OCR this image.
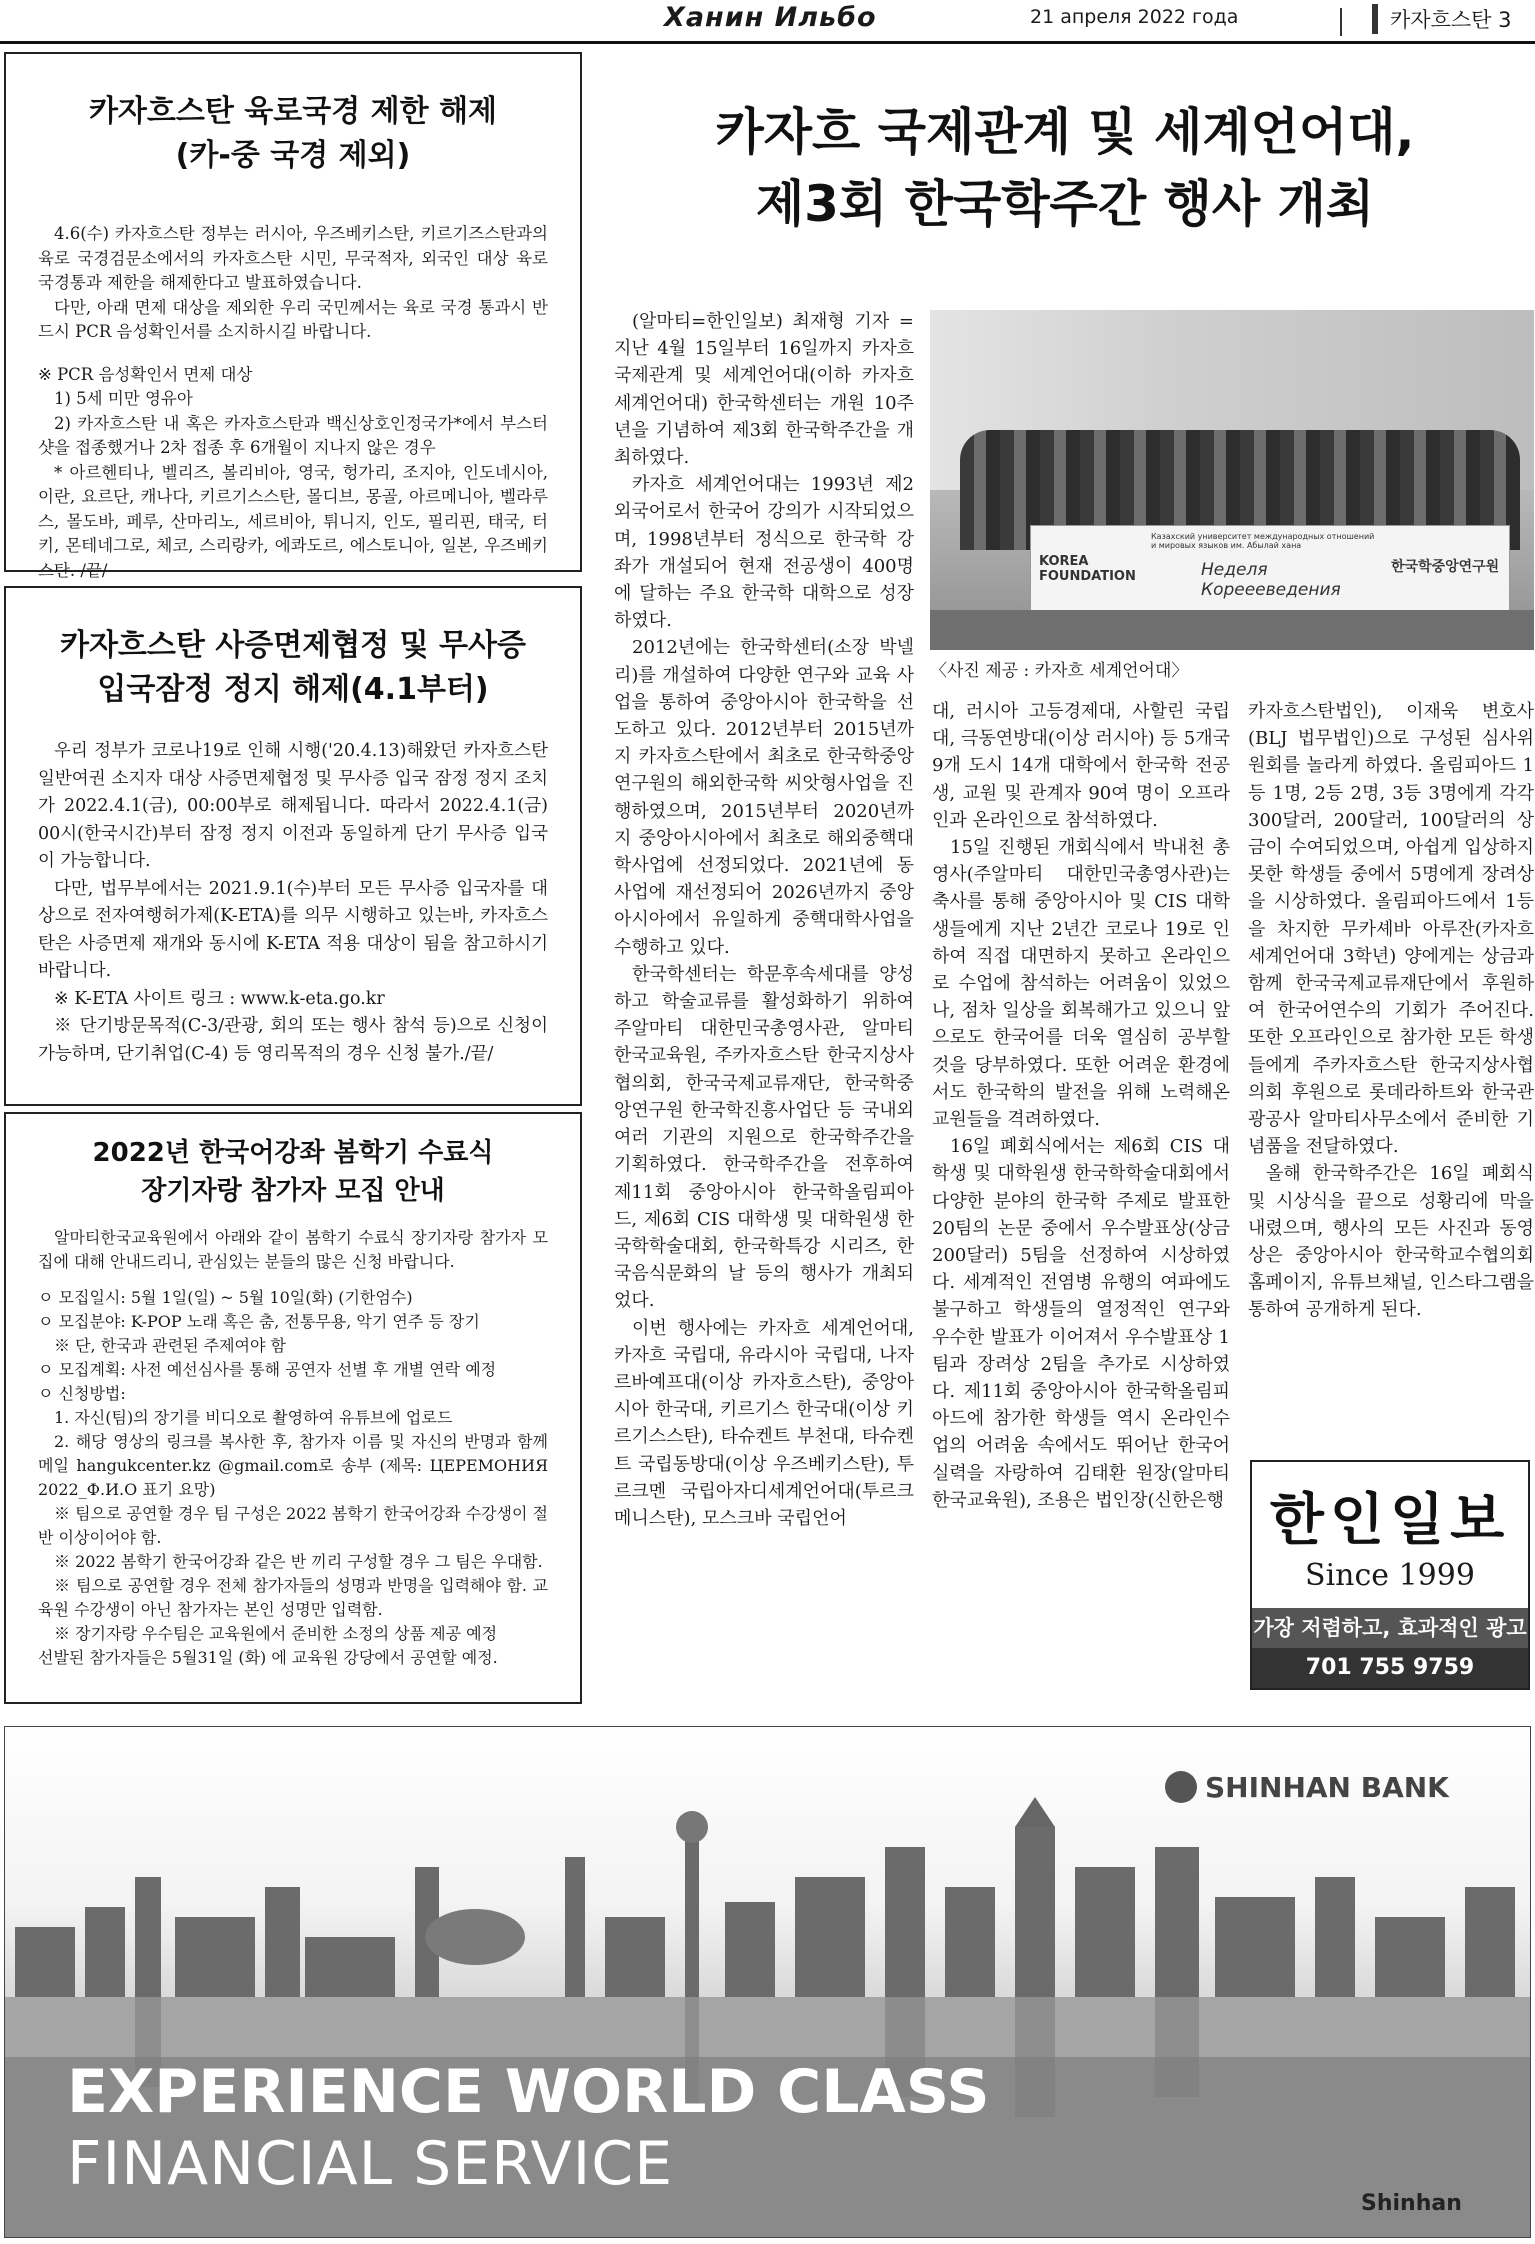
Ханин Ильбо	21 апреля 2022 года	카자흐스탄 3
카자흐스탄 육로국경 제한 해제
(카-중 국경 제외)

4.6(수) 카자흐스탄 정부는 러시아, 우즈베키스탄, 키르기즈스탄과의 육로 국경검문소에서의 카자흐스탄 시민, 무국적자, 외국인 대상 육로 국경통과 제한을 해제한다고 발표하였습니다.

다만, 아래 면제 대상을 제외한 우리 국민께서는 육로 국경 통과시 반드시 PCR 음성확인서를 소지하시길 바랍니다.

※ PCR 음성확인서 면제 대상

1) 5세 미만 영유아

2) 카자흐스탄 내 혹은 카자흐스탄과 백신상호인정국가*에서 부스터샷을 접종했거나 2차 접종 후 6개월이 지나지 않은 경우

* 아르헨티나, 벨리즈, 볼리비아, 영국, 헝가리, 조지아, 인도네시아, 이란, 요르단, 캐나다, 키르기스스탄, 몰디브, 몽골, 아르메니아, 벨라루스, 몰도바, 페루, 산마리노, 세르비아, 튀니지, 인도, 필리핀, 태국, 터키, 몬테네그로, 체코, 스리랑카, 에콰도르, 에스토니아, 일본, 우즈베키스탄. /끝/

카자흐스탄 사증면제협정 및 무사증
입국잠정 정지 해제(4.1부터)

우리 정부가 코로나19로 인해 시행('20.4.13)해왔던 카자흐스탄 일반여권 소지자 대상 사증면제협정 및 무사증 입국 잠정 정지 조치가 2022.4.1(금), 00:00부로 해제됩니다. 따라서 2022.4.1(금) 00시(한국시간)부터 잠정 정지 이전과 동일하게 단기 무사증 입국이 가능합니다.

다만, 법무부에서는 2021.9.1(수)부터 모든 무사증 입국자를 대상으로 전자여행허가제(K-ETA)를 의무 시행하고 있는바, 카자흐스탄은 사증면제 재개와 동시에 K-ETA 적용 대상이 됨을 참고하시기 바랍니다.

※ K-ETA 사이트 링크 : www.k-eta.go.kr

※ 단기방문목적(C-3/관광, 회의 또는 행사 참석 등)으로 신청이 가능하며, 단기취업(C-4) 등 영리목적의 경우 신청 불가./끝/

2022년 한국어강좌 봄학기 수료식
장기자랑 참가자 모집 안내

알마티한국교육원에서 아래와 같이 봄학기 수료식 장기자랑 참가자 모집에 대해 안내드리니, 관심있는 분들의 많은 신청 바랍니다.

ㅇ 모집일시: 5월 1일(일) ~ 5월 10일(화) (기한엄수)

ㅇ 모집분야: K-POP 노래 혹은 춤, 전통무용, 악기 연주 등 장기

※ 단, 한국과 관련된 주제여야 함

ㅇ 모집계획: 사전 예선심사를 통해 공연자 선별 후 개별 연락 예정

ㅇ 신청방법:

1. 자신(팀)의 장기를 비디오로 촬영하여 유튜브에 업로드

2. 해당 영상의 링크를 복사한 후, 참가자 이름 및 자신의 반명과 함께 메일 hangukcenter.kz @gmail.com로 송부 (제목: ЦЕРЕМОНИЯ 2022_Ф.И.О 표기 요망)

※ 팀으로 공연할 경우 팀 구성은 2022 봄학기 한국어강좌 수강생이 절반 이상이어야 함.

※ 2022 봄학기 한국어강좌 같은 반 끼리 구성할 경우 그 팀은 우대함.

※ 팀으로 공연할 경우 전체 참가자들의 성명과 반명을 입력해야 함. 교육원 수강생이 아닌 참가자는 본인 성명만 입력함.

※ 장기자랑 우수팀은 교육원에서 준비한 소정의 상품 제공 예정

선발된 참가자들은 5월31일 (화) 에 교육원 강당에서 공연할 예정.

카자흐 국제관계 및 세계언어대,
제3회 한국학주간 행사 개최

(알마티=한인일보) 최재형 기자 = 지난 4월 15일부터 16일까지 카자흐 국제관계 및 세계언어대(이하 카자흐 세계언어대) 한국학센터는 개원 10주년을 기념하여 제3회 한국학주간을 개최하였다.

카자흐 세계언어대는 1993년 제2외국어로서 한국어 강의가 시작되었으며, 1998년부터 정식으로 한국학 강좌가 개설되어 현재 전공생이 400명에 달하는 주요 한국학 대학으로 성장하였다.

2012년에는 한국학센터(소장 박넬리)를 개설하여 다양한 연구와 교육 사업을 통하여 중앙아시아 한국학을 선도하고 있다. 2012년부터 2015년까지 카자흐스탄에서 최초로 한국학중앙연구원의 해외한국학 씨앗형사업을 진행하였으며, 2015년부터 2020년까지 중앙아시아에서 최초로 해외중핵대학사업에 선정되었다. 2021년에 동 사업에 재선정되어 2026년까지 중앙아시아에서 유일하게 중핵대학사업을 수행하고 있다.

한국학센터는 학문후속세대를 양성하고 학술교류를 활성화하기 위하여 주알마티 대한민국총영사관, 알마티 한국교육원, 주카자흐스탄 한국지상사협의회, 한국국제교류재단, 한국학중앙연구원 한국학진흥사업단 등 국내외 여러 기관의 지원으로 한국학주간을 기획하였다. 한국학주간을 전후하여 제11회 중앙아시아 한국학올림피아드, 제6회 CIS 대학생 및 대학원생 한국학학술대회, 한국학특강 시리즈, 한국음식문화의 날 등의 행사가 개최되었다.

이번 행사에는 카자흐 세계언어대, 카자흐 국립대, 유라시아 국립대, 나자르바예프대(이상 카자흐스탄), 중앙아시아 한국대, 키르기스 한국대(이상 키르기스스탄), 타슈켄트 부천대, 타슈켄트 국립동방대(이상 우즈베키스탄), 투르크멘 국립아자디세계언어대(투르크메니스탄), 모스크바 국립언어

KOREA FOUNDATION
Казахский университет международных отношений и мировых языков им. Абылай хана
Неделя Кореееведения
한국학중앙연구원
〈사진 제공 : 카자흐 세계언어대〉

대, 러시아 고등경제대, 사할린 국립대, 극동연방대(이상 러시아) 등 5개국 9개 도시 14개 대학에서 한국학 전공생, 교원 및 관계자 90여 명이 오프라인과 온라인으로 참석하였다.

15일 진행된 개회식에서 박내천 총영사(주알마티 대한민국총영사관)는 축사를 통해 중앙아시아 및 CIS 대학생들에게 지난 2년간 코로나 19로 인하여 직접 대면하지 못하고 온라인으로 수업에 참석하는 어려움이 있었으나, 점차 일상을 회복해가고 있으니 앞으로도 한국어를 더욱 열심히 공부할 것을 당부하였다. 또한 어려운 환경에서도 한국학의 발전을 위해 노력해온 교원들을 격려하였다.

16일 폐회식에서는 제6회 CIS 대학생 및 대학원생 한국학학술대회에서 다양한 분야의 한국학 주제로 발표한 20팀의 논문 중에서 우수발표상(상금 200달러) 5팀을 선정하여 시상하였다. 세계적인 전염병 유행의 여파에도 불구하고 학생들의 열정적인 연구와 우수한 발표가 이어져서 우수발표상 1팀과 장려상 2팀을 추가로 시상하였다. 제11회 중앙아시아 한국학올림피아드에 참가한 학생들 역시 온라인수업의 어려움 속에서도 뛰어난 한국어 실력을 자랑하여 김태환 원장(알마티 한국교육원), 조용은 법인장(신한은행

카자흐스탄법인), 이재욱 변호사(BLJ 법무법인)으로 구성된 심사위원회를 놀라게 하였다. 올림피아드 1등 1명, 2등 2명, 3등 3명에게 각각 300달러, 200달러, 100달러의 상금이 수여되었으며, 아쉽게 입상하지 못한 학생들 중에서 5명에게 장려상을 시상하였다. 올림피아드에서 1등을 차지한 무카셰바 아루잔(카자흐 세계언어대 3학년) 양에게는 상금과 함께 한국국제교류재단에서 후원하여 한국어연수의 기회가 주어진다. 또한 오프라인으로 참가한 모든 학생들에게 주카자흐스탄 한국지상사협의회 후원으로 롯데라하트와 한국관광공사 알마티사무소에서 준비한 기념품을 전달하였다.

올해 한국학주간은 16일 폐회식 및 시상식을 끝으로 성황리에 막을 내렸으며, 행사의 모든 사진과 동영상은 중앙아시아 한국학교수협의회 홈페이지, 유튜브채널, 인스타그램을 통하여 공개하게 된다.

한인일보
Since 1999
가장 저렴하고, 효과적인 광고
701 755 9759
SHINHAN BANK
EXPERIENCE WORLD CLASS
FINANCIAL SERVICE
Shinhan
